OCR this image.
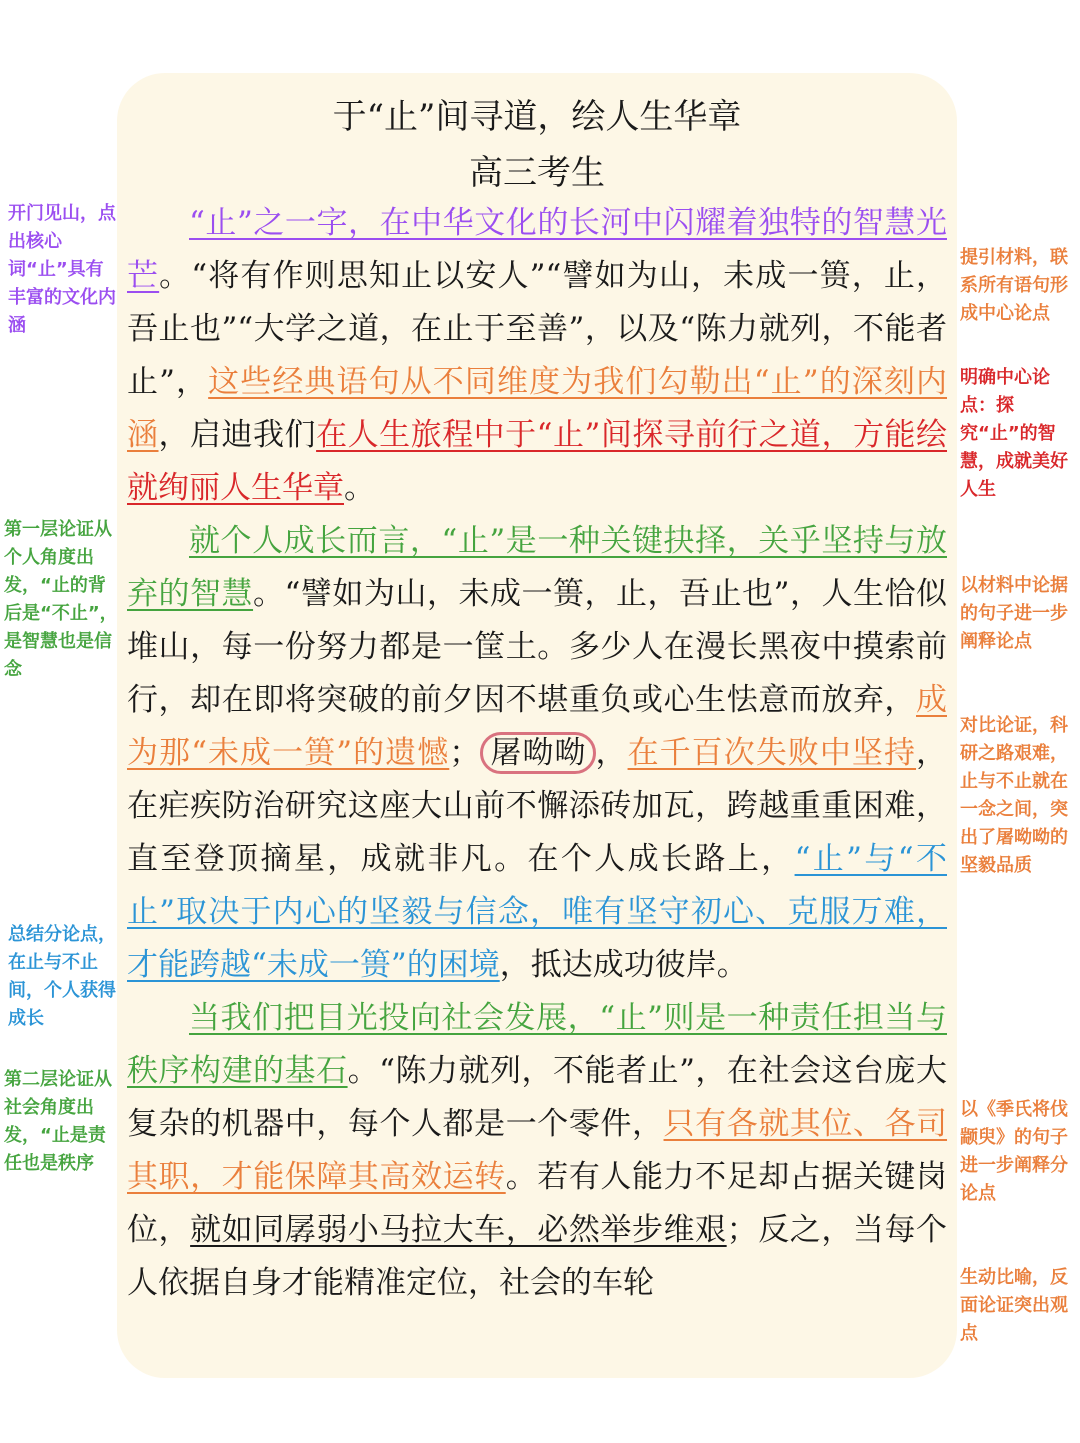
于“止”间寻道，绘人生华章
高三考生

“止”之一字，在中华文化的长河中闪耀着独特的智慧光芒。“将有作则思知止以安人”“譬如为山，未成一篑，止，吾止也”“大学之道，在止于至善”，以及“陈力就列，不能者止”，这些经典语句从不同维度为我们勾勒出“止”的深刻内涵，启迪我们在人生旅程中于“止”间探寻前行之道，方能绘就绚丽人生华章。

就个人成长而言，“止”是一种关键抉择，关乎坚持与放弃的智慧。“譬如为山，未成一篑，止，吾止也”，人生恰似堆山，每一份努力都是一筐土。多少人在漫长黑夜中摸索前行，却在即将突破的前夕因不堪重负或心生怯意而放弃，成为那“未成一篑”的遗憾； 屠呦呦 ，在千百次失败中坚持，在疟疾防治研究这座大山前不懈添砖加瓦，跨越重重困难，直至登顶摘星，成就非凡。在个人成长路上，“止”与“不止”取决于内心的坚毅与信念，唯有坚守初心、克服万难，才能跨越“未成一篑”的困境，抵达成功彼岸。

当我们把目光投向社会发展，“止”则是一种责任担当与秩序构建的基石。“陈力就列，不能者止”，在社会这台庞大复杂的机器中，每个人都是一个零件，只有各就其位、各司其职，才能保障其高效运转。若有人能力不足却占据关键岗位，就如同孱弱小马拉大车，必然举步维艰；反之，当每个人依据自身才能精准定位，社会的车轮

开门见山，点出核心词“止”具有丰富的文化内涵
第一层论证从个人角度出发，“止的背后是“不止”，是智慧也是信念
总结分论点，在止与不止间，个人获得成长
第二层论证从社会角度出发，“止是责任也是秩序
提引材料，联系所有语句形成中心论点
明确中心论点：探究“止”的智慧，成就美好人生
以材料中论据的句子进一步阐释论点
对比论证，科研之路艰难，止与不止就在一念之间，突出了屠呦呦的坚毅品质
以《季氏将伐颛臾》的句子进一步阐释分论点
生动比喻，反面论证突出观点
